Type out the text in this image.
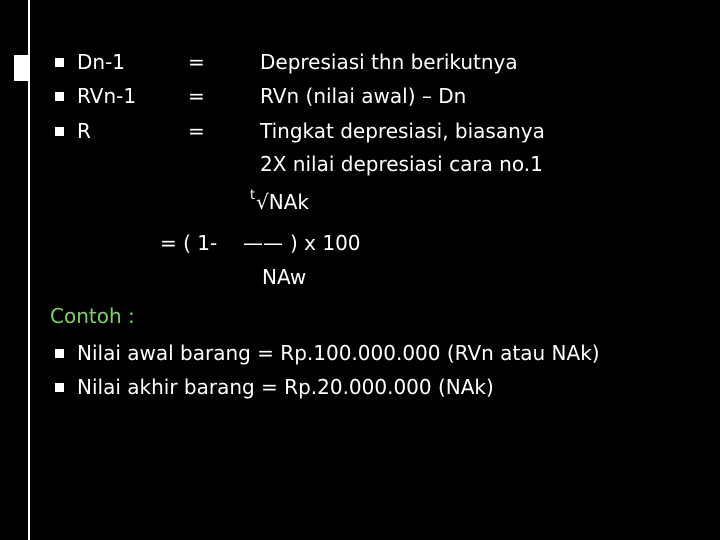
Dn-1	=	Depresiasi thn berikutnya
RVn-1	=	RVn (nilai awal) – Dn
R	=	Tingkat depresiasi, biasanya
2X nilai depresiasi cara no.1
t √NAk
= ( 1- —— ) x 100
NAw
Contoh :
Nilai awal barang = Rp.100.000.000 (RVn atau NAk)
Nilai akhir barang = Rp.20.000.000 (NAk)
